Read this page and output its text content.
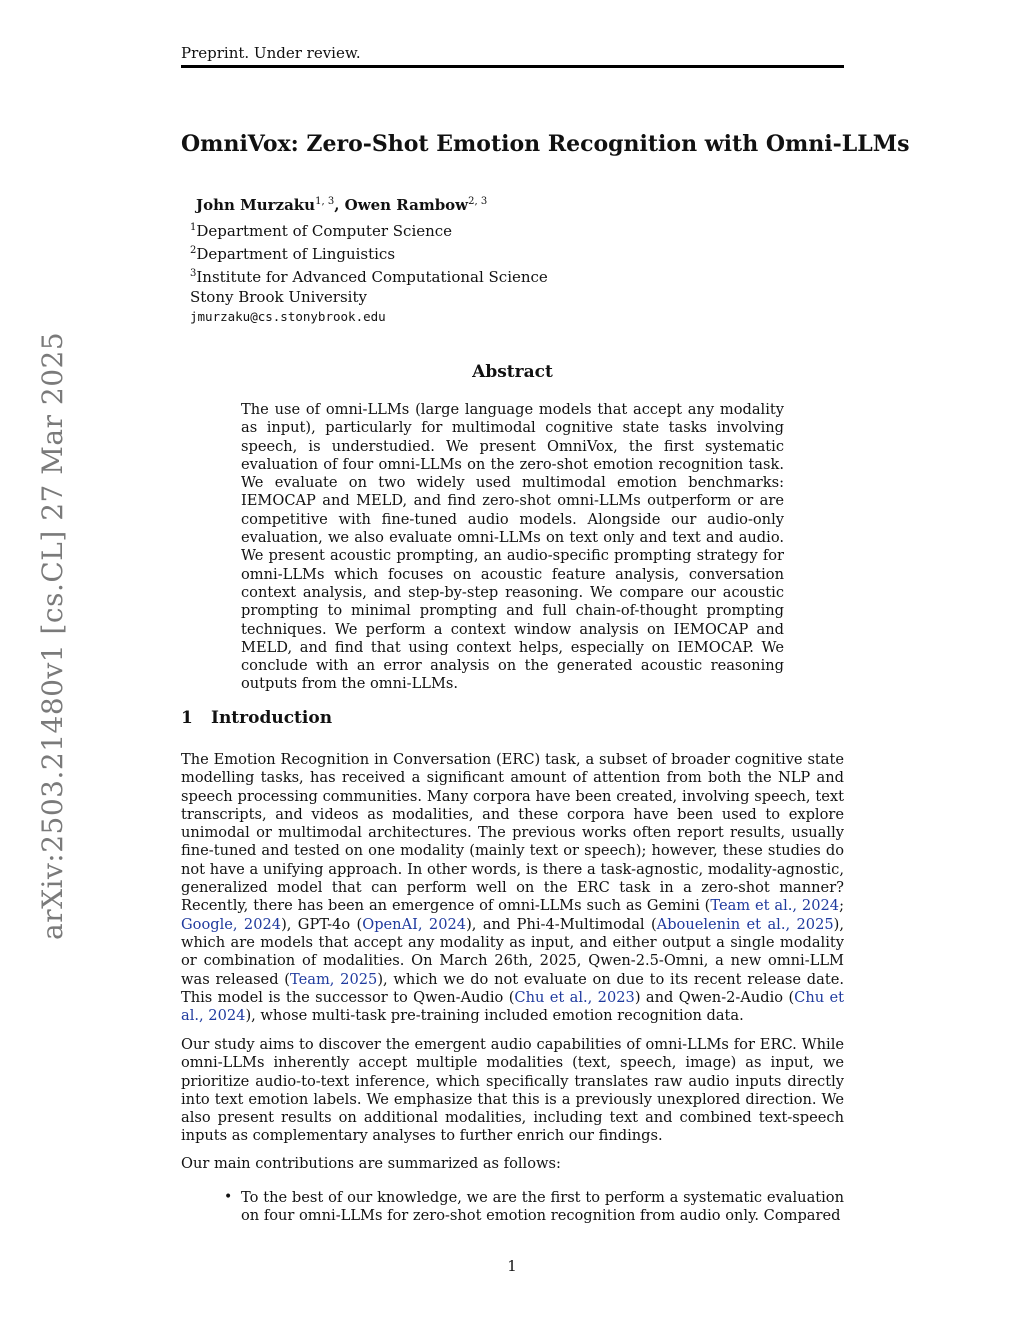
Preprint. Under review.
arXiv:2503.21480v1 [cs.CL] 27 Mar 2025
OmniVox: Zero-Shot Emotion Recognition with Omni-LLMs
John Murzaku$^{1, 3}$, Owen Rambow$^{2, 3}$
$^1$Department of Computer Science
$^2$Department of Linguistics
$^3$Institute for Advanced Computational Science
Stony Brook University
jmurzaku@cs.stonybrook.edu
Abstract

The use of omni-LLMs (large language models that accept any modality as input), particularly for multimodal cognitive state tasks involving speech, is understudied. We present OmniVox, the first systematic evaluation of four omni-LLMs on the zero-shot emotion recognition task. We evaluate on two widely used multimodal emotion benchmarks: IEMOCAP and MELD, and find zero-shot omni-LLMs outperform or are competitive with fine-tuned audio models. Alongside our audio-only evaluation, we also evaluate omni-LLMs on text only and text and audio. We present acoustic prompting, an audio-specific prompting strategy for omni-LLMs which focuses on acoustic feature analysis, conversation context analysis, and step-by-step reasoning. We compare our acoustic prompting to minimal prompting and full chain-of-thought prompting techniques. We perform a context window analysis on IEMOCAP and MELD, and find that using context helps, especially on IEMOCAP. We conclude with an error analysis on the generated acoustic reasoning outputs from the omni-LLMs.

1 Introduction

The Emotion Recognition in Conversation (ERC) task, a subset of broader cognitive state modelling tasks, has received a significant amount of attention from both the NLP and speech processing communities. Many corpora have been created, involving speech, text transcripts, and videos as modalities, and these corpora have been used to explore unimodal or multimodal architectures. The previous works often report results, usually fine-tuned and tested on one modality (mainly text or speech); however, these studies do not have a unifying approach. In other words, is there a task-agnostic, modality-agnostic, generalized model that can perform well on the ERC task in a zero-shot manner? Recently, there has been an emergence of omni-LLMs such as Gemini (Team et al., 2024; Google, 2024), GPT-4o (OpenAI, 2024), and Phi-4-Multimodal (Abouelenin et al., 2025), which are models that accept any modality as input, and either output a single modality or combination of modalities. On March 26th, 2025, Qwen-2.5-Omni, a new omni-LLM was released (Team, 2025), which we do not evaluate on due to its recent release date. This model is the successor to Qwen-Audio (Chu et al., 2023) and Qwen-2-Audio (Chu et al., 2024), whose multi-task pre-training included emotion recognition data.

Our study aims to discover the emergent audio capabilities of omni-LLMs for ERC. While omni-LLMs inherently accept multiple modalities (text, speech, image) as input, we prioritize audio-to-text inference, which specifically translates raw audio inputs directly into text emotion labels. We emphasize that this is a previously unexplored direction. We also present results on additional modalities, including text and combined text-speech inputs as complementary analyses to further enrich our findings.

Our main contributions are summarized as follows:

• To the best of our knowledge, we are the first to perform a systematic evaluation on four omni-LLMs for zero-shot emotion recognition from audio only. Compared

1
